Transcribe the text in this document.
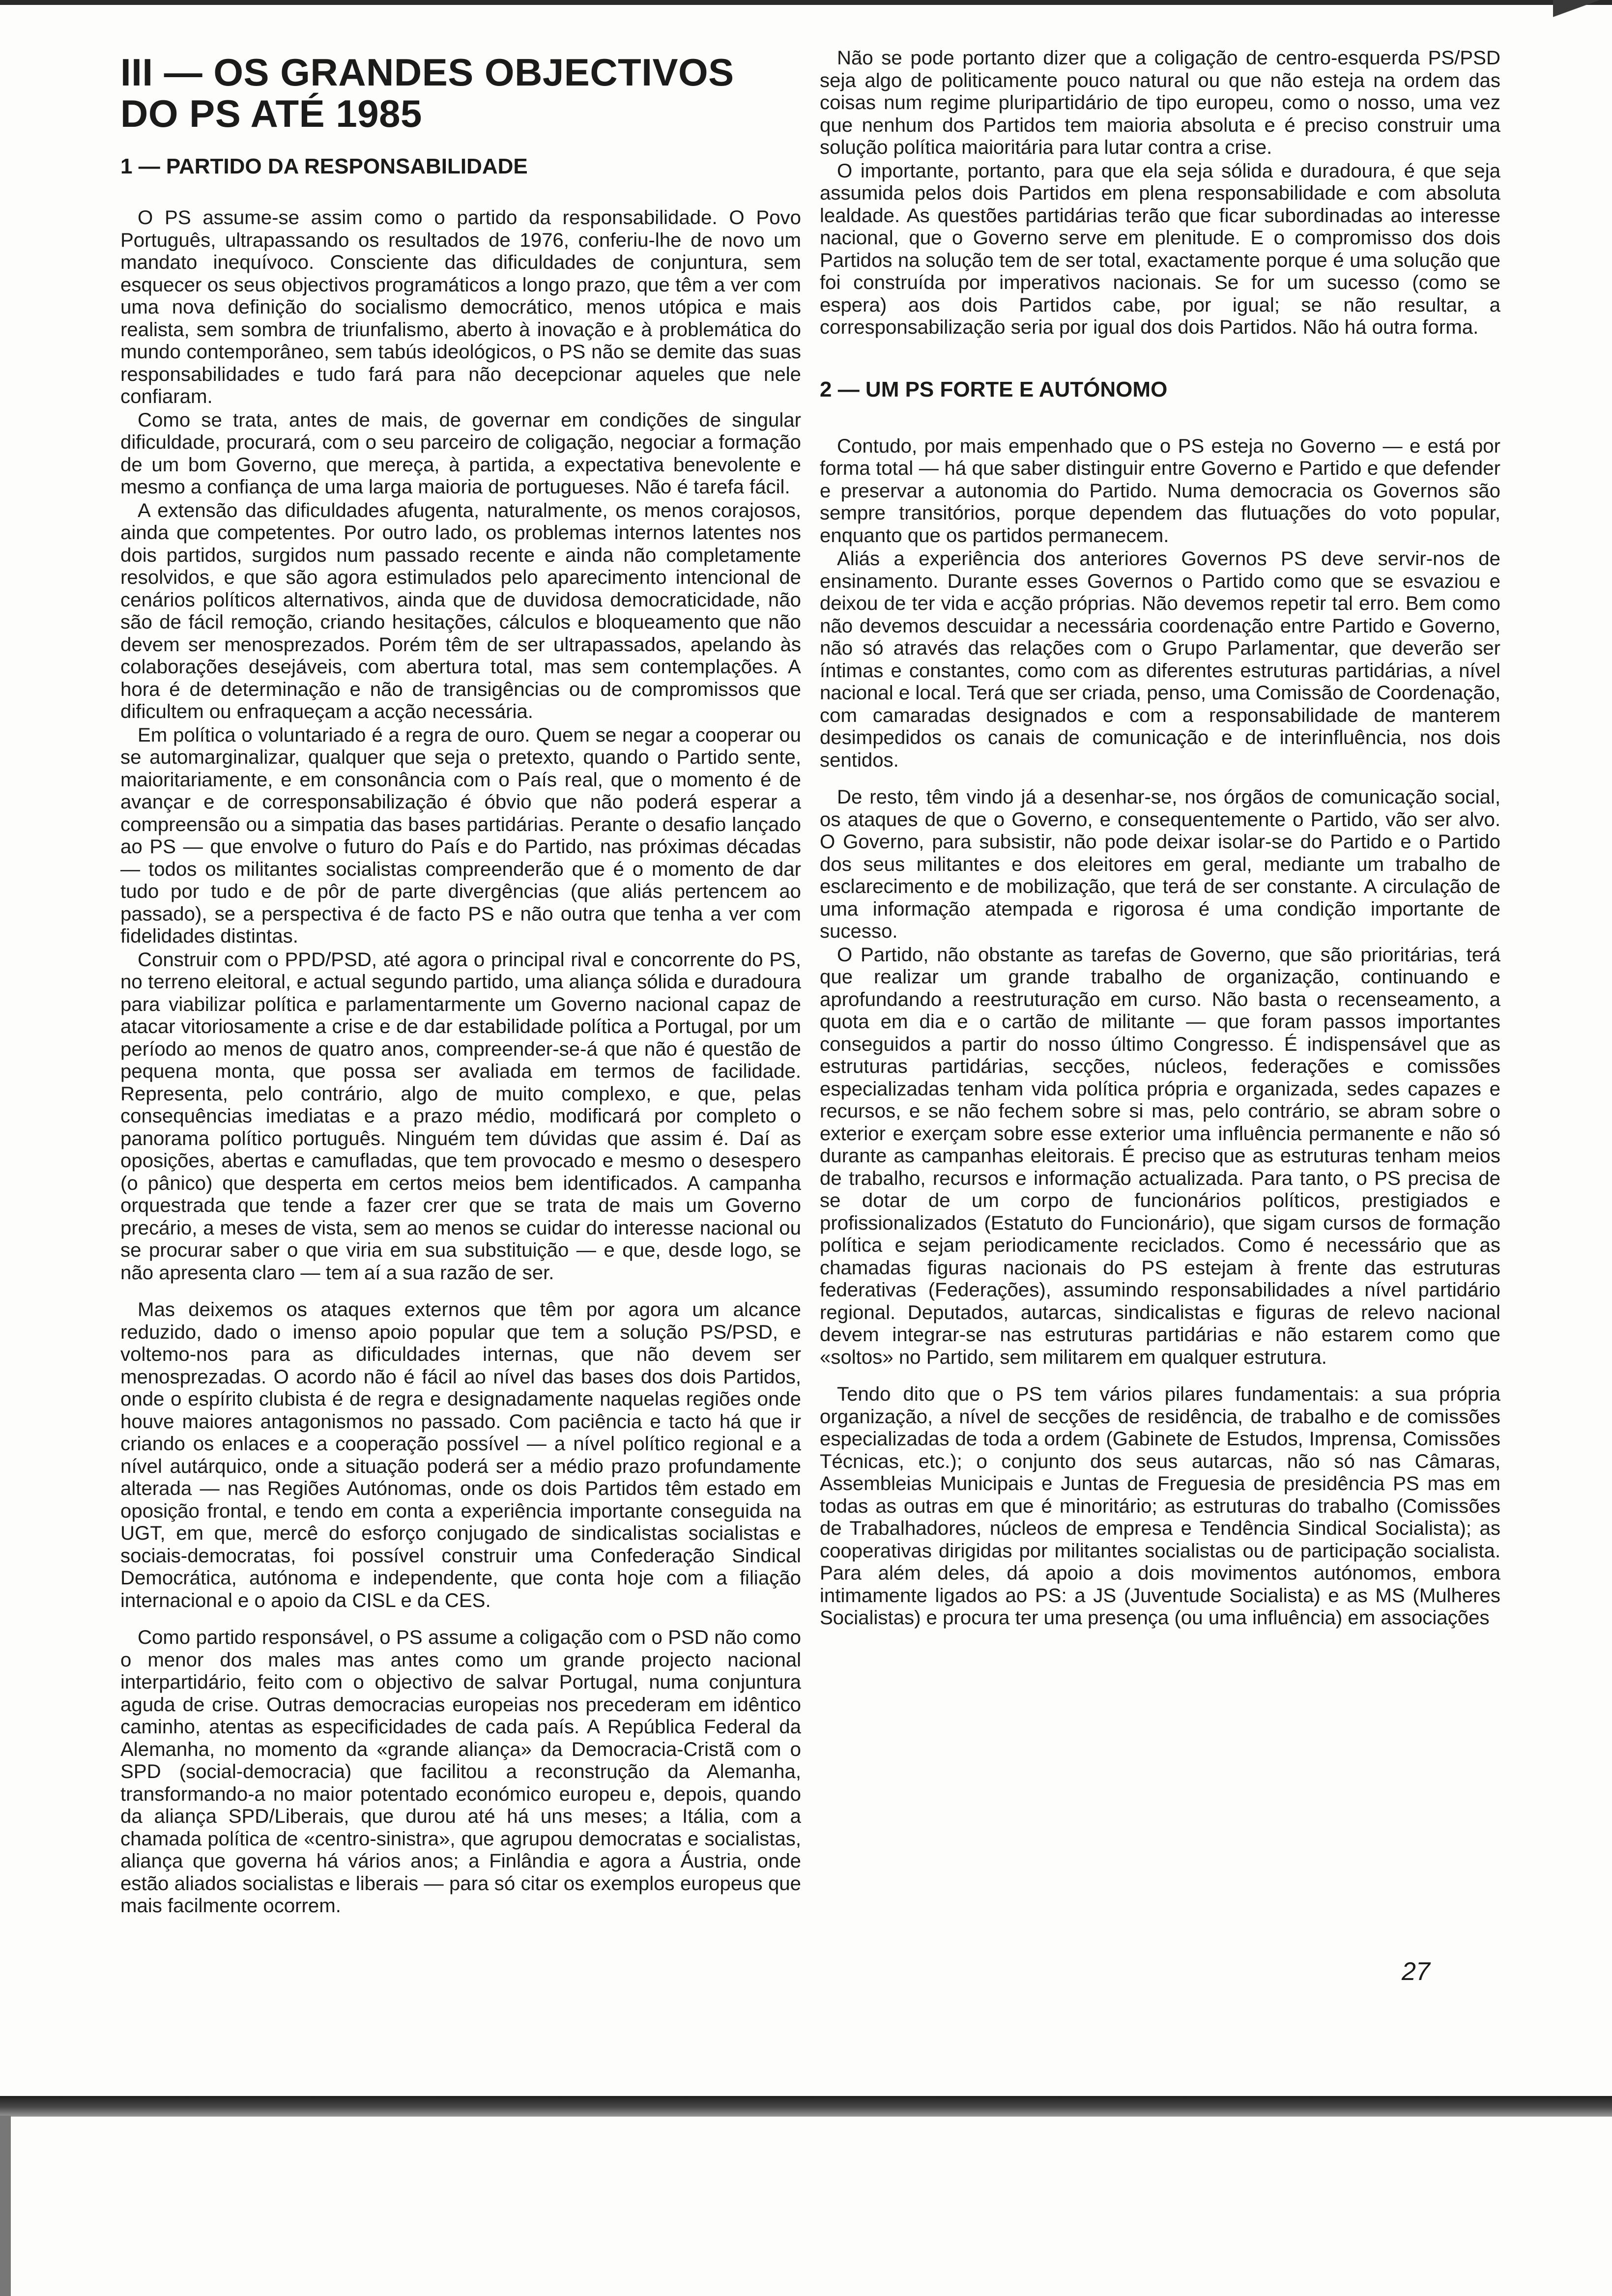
III — OS GRANDES OBJECTIVOS
DO PS ATÉ 1985
1 — PARTIDO DA RESPONSABILIDADE

O PS assume-se assim como o partido da responsabilidade. O Povo Português, ultrapassando os resultados de 1976, conferiu-lhe de novo um mandato inequívoco. Consciente das dificuldades de conjuntura, sem esquecer os seus objectivos programáticos a longo prazo, que têm a ver com uma nova definição do socialismo democrático, menos utópica e mais realista, sem sombra de triunfalismo, aberto à inovação e à problemática do mundo contemporâneo, sem tabús ideológicos, o PS não se demite das suas responsabilidades e tudo fará para não decepcionar aqueles que nele confiaram.

Como se trata, antes de mais, de governar em condições de singular dificuldade, procurará, com o seu parceiro de coligação, negociar a formação de um bom Governo, que mereça, à partida, a expectativa benevolente e mesmo a confiança de uma larga maioria de portugueses. Não é tarefa fácil.

A extensão das dificuldades afugenta, naturalmente, os menos corajosos, ainda que competentes. Por outro lado, os problemas internos latentes nos dois partidos, surgidos num passado recente e ainda não completamente resolvidos, e que são agora estimulados pelo aparecimento intencional de cenários políticos alternativos, ainda que de duvidosa democraticidade, não são de fácil remoção, criando hesitações, cálculos e bloqueamento que não devem ser menosprezados. Porém têm de ser ultrapassados, apelando às colaborações desejáveis, com abertura total, mas sem contemplações. A hora é de determinação e não de transigências ou de compromissos que dificultem ou enfraqueçam a acção necessária.

Em política o voluntariado é a regra de ouro. Quem se negar a cooperar ou se automarginalizar, qualquer que seja o pretexto, quando o Partido sente, maioritariamente, e em consonância com o País real, que o momento é de avançar e de corresponsabilização é óbvio que não poderá esperar a compreensão ou a simpatia das bases partidárias. Perante o desafio lançado ao PS — que envolve o futuro do País e do Partido, nas próximas décadas — todos os militantes socialistas compreenderão que é o momento de dar tudo por tudo e de pôr de parte divergências (que aliás pertencem ao passado), se a perspectiva é de facto PS e não outra que tenha a ver com fidelidades distintas.

Construir com o PPD/PSD, até agora o principal rival e concorrente do PS, no terreno eleitoral, e actual segundo partido, uma aliança sólida e duradoura para viabilizar política e parlamentarmente um Governo nacional capaz de atacar vitoriosamente a crise e de dar estabilidade política a Portugal, por um período ao menos de quatro anos, compreender-se-á que não é questão de pequena monta, que possa ser avaliada em termos de facilidade. Representa, pelo contrário, algo de muito complexo, e que, pelas consequências imediatas e a prazo médio, modificará por completo o panorama político português. Ninguém tem dúvidas que assim é. Daí as oposições, abertas e camufladas, que tem provocado e mesmo o desespero (o pânico) que desperta em certos meios bem identificados. A campanha orquestrada que tende a fazer crer que se trata de mais um Governo precário, a meses de vista, sem ao menos se cuidar do interesse nacional ou se procurar saber o que viria em sua substituição — e que, desde logo, se não apresenta claro — tem aí a sua razão de ser.

Mas deixemos os ataques externos que têm por agora um alcance reduzido, dado o imenso apoio popular que tem a solução PS/PSD, e voltemo-nos para as dificuldades internas, que não devem ser menosprezadas. O acordo não é fácil ao nível das bases dos dois Partidos, onde o espírito clubista é de regra e designadamente naquelas regiões onde houve maiores antagonismos no passado. Com paciência e tacto há que ir criando os enlaces e a cooperação possível — a nível político regional e a nível autárquico, onde a situação poderá ser a médio prazo profundamente alterada — nas Regiões Autónomas, onde os dois Partidos têm estado em oposição frontal, e tendo em conta a experiência importante conseguida na UGT, em que, mercê do esforço conjugado de sindicalistas socialistas e sociais-democratas, foi possível construir uma Confederação Sindical Democrática, autónoma e independente, que conta hoje com a filiação internacional e o apoio da CISL e da CES.

Como partido responsável, o PS assume a coligação com o PSD não como o menor dos males mas antes como um grande projecto nacional interpartidário, feito com o objectivo de salvar Portugal, numa conjuntura aguda de crise. Outras democracias europeias nos precederam em idêntico caminho, atentas as especificidades de cada país. A República Federal da Alemanha, no momento da «grande aliança» da Democracia-Cristã com o SPD (social-democracia) que facilitou a reconstrução da Alemanha, transformando-a no maior potentado económico europeu e, depois, quando da aliança SPD/Liberais, que durou até há uns meses; a Itália, com a chamada política de «centro-sinistra», que agrupou democratas e socialistas, aliança que governa há vários anos; a Finlândia e agora a Áustria, onde estão aliados socialistas e liberais — para só citar os exemplos europeus que mais facilmente ocorrem.

Não se pode portanto dizer que a coligação de centro-esquerda PS/PSD seja algo de politicamente pouco natural ou que não esteja na ordem das coisas num regime pluripartidário de tipo europeu, como o nosso, uma vez que nenhum dos Partidos tem maioria absoluta e é preciso construir uma solução política maioritária para lutar contra a crise.

O importante, portanto, para que ela seja sólida e duradoura, é que seja assumida pelos dois Partidos em plena responsabilidade e com absoluta lealdade. As questões partidárias terão que ficar subordinadas ao interesse nacional, que o Governo serve em plenitude. E o compromisso dos dois Partidos na solução tem de ser total, exactamente porque é uma solução que foi construída por imperativos nacionais. Se for um sucesso (como se espera) aos dois Partidos cabe, por igual; se não resultar, a corresponsabilização seria por igual dos dois Partidos. Não há outra forma.

2 — UM PS FORTE E AUTÓNOMO

Contudo, por mais empenhado que o PS esteja no Governo — e está por forma total — há que saber distinguir entre Governo e Partido e que defender e preservar a autonomia do Partido. Numa democracia os Governos são sempre transitórios, porque dependem das flutuações do voto popular, enquanto que os partidos permanecem.

Aliás a experiência dos anteriores Governos PS deve servir-nos de ensinamento. Durante esses Governos o Partido como que se esvaziou e deixou de ter vida e acção próprias. Não devemos repetir tal erro. Bem como não devemos descuidar a necessária coordenação entre Partido e Governo, não só através das relações com o Grupo Parlamentar, que deverão ser íntimas e constantes, como com as diferentes estruturas partidárias, a nível nacional e local. Terá que ser criada, penso, uma Comissão de Coordenação, com camaradas designados e com a responsabilidade de manterem desimpedidos os canais de comunicação e de interinfluência, nos dois sentidos.

De resto, têm vindo já a desenhar-se, nos órgãos de comunicação social, os ataques de que o Governo, e consequentemente o Partido, vão ser alvo. O Governo, para subsistir, não pode deixar isolar-se do Partido e o Partido dos seus militantes e dos eleitores em geral, mediante um trabalho de esclarecimento e de mobilização, que terá de ser constante. A circulação de uma informação atempada e rigorosa é uma condição importante de sucesso.

O Partido, não obstante as tarefas de Governo, que são prioritárias, terá que realizar um grande trabalho de organização, continuando e aprofundando a reestruturação em curso. Não basta o recenseamento, a quota em dia e o cartão de militante — que foram passos importantes conseguidos a partir do nosso último Congresso. É indispensável que as estruturas partidárias, secções, núcleos, federações e comissões especializadas tenham vida política própria e organizada, sedes capazes e recursos, e se não fechem sobre si mas, pelo contrário, se abram sobre o exterior e exerçam sobre esse exterior uma influência permanente e não só durante as campanhas eleitorais. É preciso que as estruturas tenham meios de trabalho, recursos e informação actualizada. Para tanto, o PS precisa de se dotar de um corpo de funcionários políticos, prestigiados e profissionalizados (Estatuto do Funcionário), que sigam cursos de formação política e sejam periodicamente reciclados. Como é necessário que as chamadas figuras nacionais do PS estejam à frente das estruturas federativas (Federações), assumindo responsabilidades a nível partidário regional. Deputados, autarcas, sindicalistas e figuras de relevo nacional devem integrar-se nas estruturas partidárias e não estarem como que «soltos» no Partido, sem militarem em qualquer estrutura.

Tendo dito que o PS tem vários pilares fundamentais: a sua própria organização, a nível de secções de residência, de trabalho e de comissões especializadas de toda a ordem (Gabinete de Estudos, Imprensa, Comissões Técnicas, etc.); o conjunto dos seus autarcas, não só nas Câmaras, Assembleias Municipais e Juntas de Freguesia de presidência PS mas em todas as outras em que é minoritário; as estruturas do trabalho (Comissões de Trabalhadores, núcleos de empresa e Tendência Sindical Socialista); as cooperativas dirigidas por militantes socialistas ou de participação socialista. Para além deles, dá apoio a dois movimentos autónomos, embora intimamente ligados ao PS: a JS (Juventude Socialista) e as MS (Mulheres Socialistas) e procura ter uma presença (ou uma influência) em associações

27
